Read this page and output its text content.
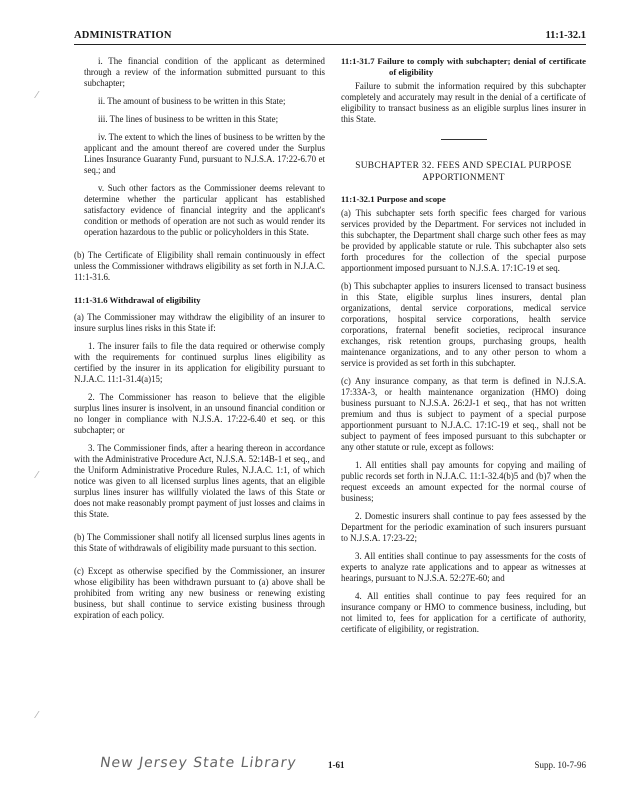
ADMINISTRATION	11:1-32.1

i. The financial condition of the applicant as determined through a review of the information submitted pursuant to this subchapter;

ii. The amount of business to be written in this State;

iii. The lines of business to be written in this State;

iv. The extent to which the lines of business to be written by the applicant and the amount thereof are covered under the Surplus Lines Insurance Guaranty Fund, pursuant to N.J.S.A. 17:22-6.70 et seq.; and

v. Such other factors as the Commissioner deems relevant to determine whether the particular applicant has established satisfactory evidence of financial integrity and the applicant's condition or methods of operation are not such as would render its operation hazardous to the public or policyholders in this State.

(b) The Certificate of Eligibility shall remain continuously in effect unless the Commissioner withdraws eligibility as set forth in N.J.A.C. 11:1-31.6.

11:1-31.6 Withdrawal of eligibility

(a) The Commissioner may withdraw the eligibility of an insurer to insure surplus lines risks in this State if:

1. The insurer fails to file the data required or otherwise comply with the requirements for continued surplus lines eligibility as certified by the insurer in its application for eligibility pursuant to N.J.A.C. 11:1-31.4(a)15;

2. The Commissioner has reason to believe that the eligible surplus lines insurer is insolvent, in an unsound financial condition or no longer in compliance with N.J.S.A. 17:22-6.40 et seq. or this subchapter; or

3. The Commissioner finds, after a hearing thereon in accordance with the Administrative Procedure Act, N.J.S.A. 52:14B-1 et seq., and the Uniform Administrative Procedure Rules, N.J.A.C. 1:1, of which notice was given to all licensed surplus lines agents, that an eligible surplus lines insurer has willfully violated the laws of this State or does not make reasonably prompt payment of just losses and claims in this State.

(b) The Commissioner shall notify all licensed surplus lines agents in this State of withdrawals of eligibility made pursuant to this section.

(c) Except as otherwise specified by the Commissioner, an insurer whose eligibility has been withdrawn pursuant to (a) above shall be prohibited from writing any new business or renewing existing business, but shall continue to service existing business through expiration of each policy.

11:1-31.7 Failure to comply with subchapter; denial of certificate of eligibility

Failure to submit the information required by this subchapter completely and accurately may result in the denial of a certificate of eligibility to transact business as an eligible surplus lines insurer in this State.

SUBCHAPTER 32. FEES AND SPECIAL PURPOSE APPORTIONMENT

11:1-32.1 Purpose and scope

(a) This subchapter sets forth specific fees charged for various services provided by the Department. For services not included in this subchapter, the Department shall charge such other fees as may be provided by applicable statute or rule. This subchapter also sets forth procedures for the collection of the special purpose apportionment imposed pursuant to N.J.S.A. 17:1C-19 et seq.

(b) This subchapter applies to insurers licensed to transact business in this State, eligible surplus lines insurers, dental plan organizations, dental service corporations, medical service corporations, hospital service corporations, health service corporations, fraternal benefit societies, reciprocal insurance exchanges, risk retention groups, purchasing groups, health maintenance organizations, and to any other person to whom a service is provided as set forth in this subchapter.

(c) Any insurance company, as that term is defined in N.J.S.A. 17:33A-3, or health maintenance organization (HMO) doing business pursuant to N.J.S.A. 26:2J-1 et seq., that has not written premium and thus is subject to payment of a special purpose apportionment pursuant to N.J.A.C. 17:1C-19 et seq., shall not be subject to payment of fees imposed pursuant to this subchapter or any other statute or rule, except as follows:

1. All entities shall pay amounts for copying and mailing of public records set forth in N.J.A.C. 11:1-32.4(b)5 and (b)7 when the request exceeds an amount expected for the normal course of business;

2. Domestic insurers shall continue to pay fees assessed by the Department for the periodic examination of such insurers pursuant to N.J.S.A. 17:23-22;

3. All entities shall continue to pay assessments for the costs of experts to analyze rate applications and to appear as witnesses at hearings, pursuant to N.J.S.A. 52:27E-60; and

4. All entities shall continue to pay fees required for an insurance company or HMO to commence business, including, but not limited to, fees for application for a certificate of authority, certificate of eligibility, or registration.

⁄
⁄
⁄
New Jersey State Library	1-61	Supp. 10-7-96
